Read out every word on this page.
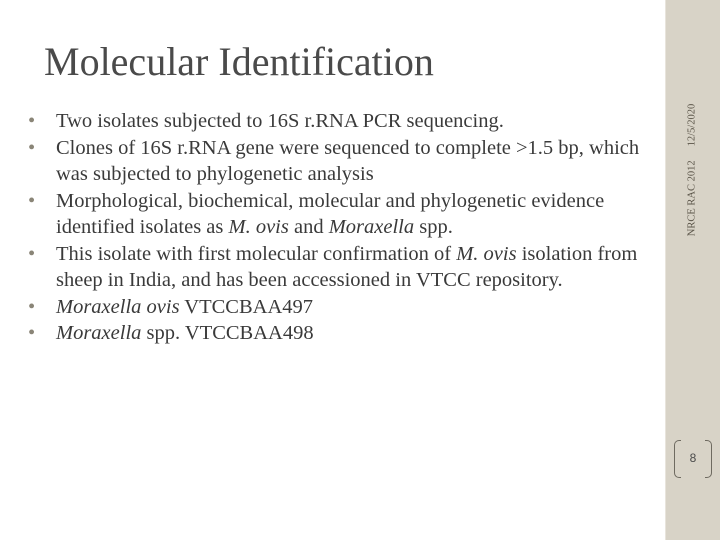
Molecular Identification
•	Two isolates subjected to 16S r.RNA PCR sequencing.
•	Clones of 16S r.RNA gene were sequenced to complete >1.5 bp, which was subjected to phylogenetic analysis
•	Morphological, biochemical, molecular and phylogenetic evidence identified isolates as M. ovis and Moraxella spp.
•	This isolate with first molecular confirmation of M. ovis isolation from sheep in India, and has been accessioned in VTCC repository.
•	Moraxella ovis VTCCBAA497
•	Moraxella spp. VTCCBAA498
NRCE RAC 201212/5/2020
8
